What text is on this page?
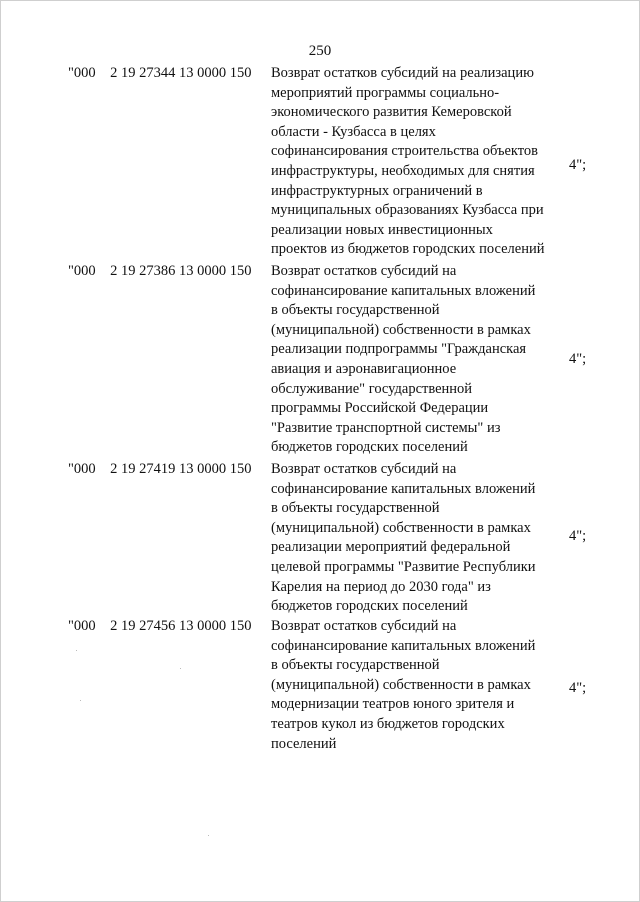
250
"000    2 19 27344 13 0000 150 Возврат остатков субсидий на реализацию
мероприятий программы социально-
экономического развития Кемеровской
области - Кузбасса в целях
софинансирования строительства объектов
инфраструктуры, необходимых для снятия
инфраструктурных ограничений в
муниципальных образованиях Кузбасса при
реализации новых инвестиционных
проектов из бюджетов городских поселений
4";
"000    2 19 27386 13 0000 150 Возврат остатков субсидий на
софинансирование капитальных вложений
в объекты государственной
(муниципальной) собственности в рамках
реализации подпрограммы "Гражданская
авиация и аэронавигационное
обслуживание" государственной
программы Российской Федерации
"Развитие транспортной системы" из
бюджетов городских поселений
4";
"000    2 19 27419 13 0000 150 Возврат остатков субсидий на
софинансирование капитальных вложений
в объекты государственной
(муниципальной) собственности в рамках
реализации мероприятий федеральной
целевой программы "Развитие Республики
Карелия на период до 2030 года" из
бюджетов городских поселений
4";
"000    2 19 27456 13 0000 150 Возврат остатков субсидий на
софинансирование капитальных вложений
в объекты государственной
(муниципальной) собственности в рамках
модернизации театров юного зрителя и
театров кукол из бюджетов городских
поселений
4";
